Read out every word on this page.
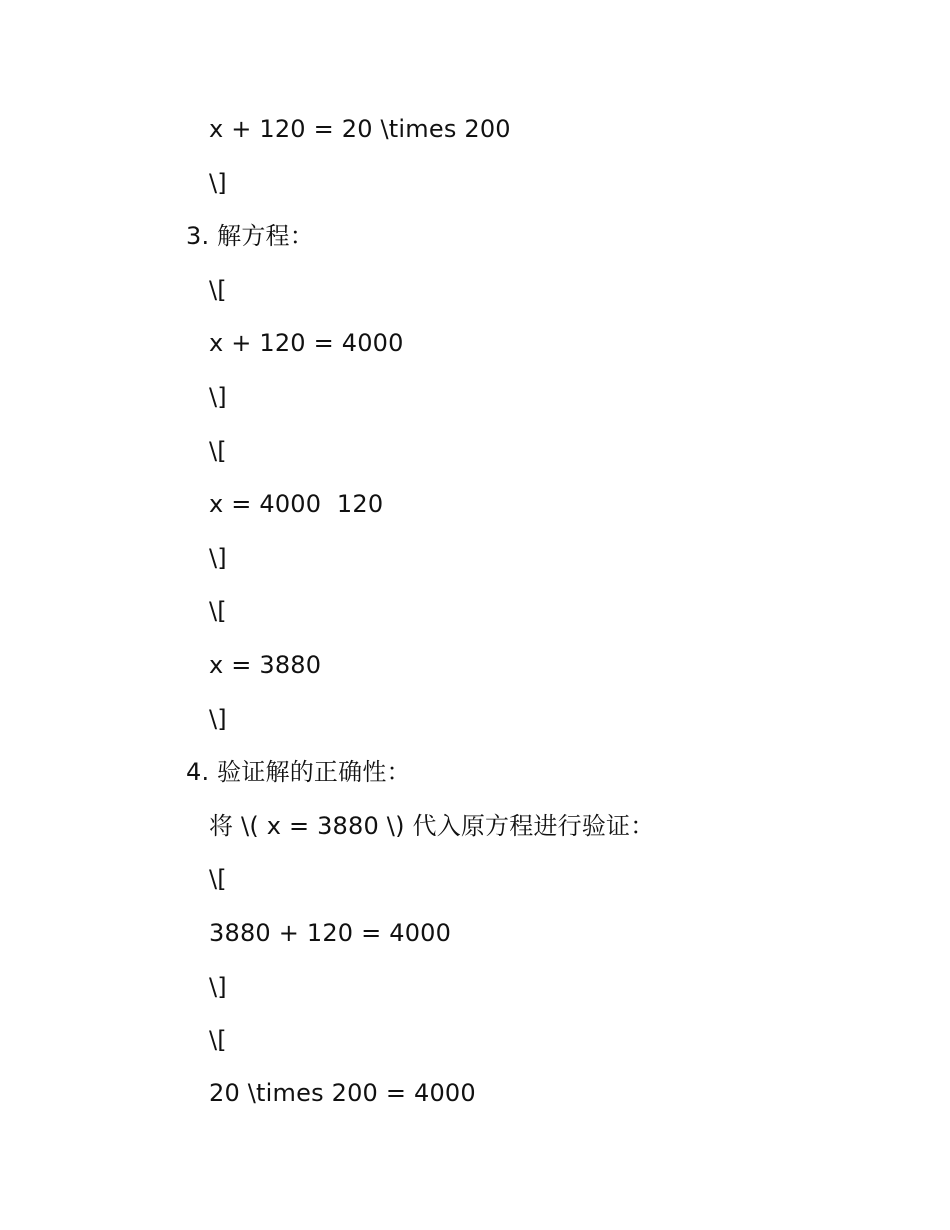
x + 120 = 20 \times 200
\]
3. 解方程：
\[
x + 120 = 4000
\]
\[
x = 4000  120
\]
\[
x = 3880
\]
4. 验证解的正确性：
将 \( x = 3880 \) 代入原方程进行验证：
\[
3880 + 120 = 4000
\]
\[
20 \times 200 = 4000
